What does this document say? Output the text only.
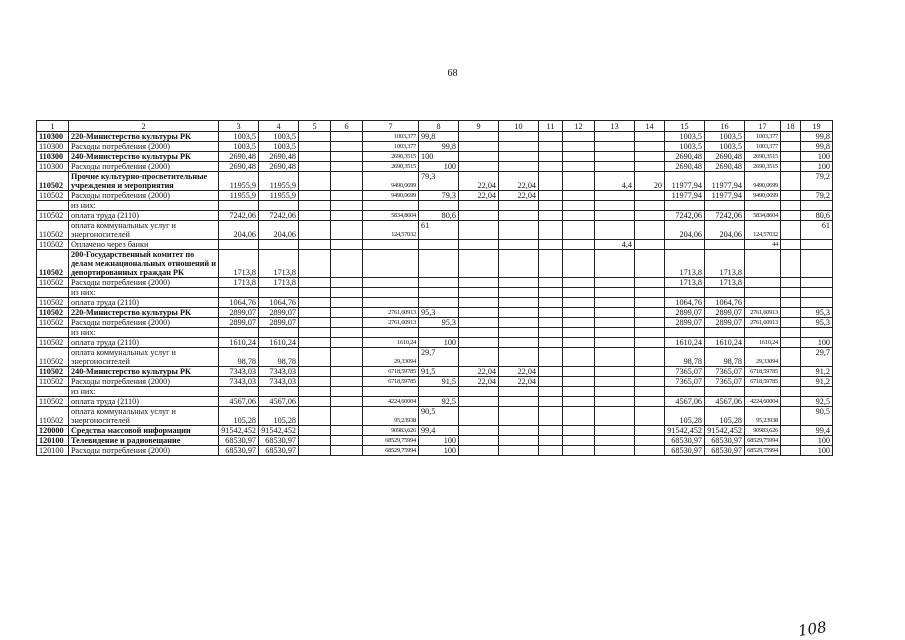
68
1	2	3	4	5	6	7	8	9	10	11	12	13	14	15	16	17	18	19
110300	220-Министерство культуры РК	1003,5	1003,5			1003,377	99,8							1003,5	1003,5	1003,377		99,8
110300	Расходы потребления (2000)	1003,5	1003,5			1003,377	99,8							1003,5	1003,5	1003,377		99,8
110300	240-Министерство культуры РК	2690,48	2690,48			2690,3515	100							2690,48	2690,48	2690,3515		100
110300	Расходы потребления (2000)	2690,48	2690,48			2690,3515	100							2690,48	2690,48	2690,3515		100
110502	Прочие культурно-просветительные учреждения и мероприятия	11955,9	11955,9			9490,0699	79,3	22,04	22,04			4,4	20	11977,94	11977,94	9490,0699		79,2
110502	Расходы потребления (2000)	11955,9	11955,9			9490,0699	79,3	22,04	22,04					11977,94	11977,94	9490,0699		79,2
	из них:																	
110502	оплата труда (2110)	7242,06	7242,06			5834,8604	80,6							7242,06	7242,06	5834,8604		80,6
110502	оплата коммунальных услуг и энергоносителей	204,06	204,06			124,57032	61							204,06	204,06	124,57032		61
110502	Оплачено через банки											4,4				44		
110502	200-Государственный комитет по делам межнациональных отношений и депортированных граждан РК	1713,8	1713,8											1713,8	1713,8			
110502	Расходы потребления (2000)	1713,8	1713,8											1713,8	1713,8			
	из них:																	
110502	оплата труда (2110)	1064,76	1064,76											1064,76	1064,76			
110502	220-Министерство культуры РК	2899,07	2899,07			2761,60913	95,3							2899,07	2899,07	2761,60913		95,3
110502	Расходы потребления (2000)	2899,07	2899,07			2761,60913	95,3							2899,07	2899,07	2761,60913		95,3
	из них:																	
110502	оплата труда (2110)	1610,24	1610,24			1610,24	100							1610,24	1610,24	1610,24		100
110502	оплата коммунальных услуг и энергоносителей	98,78	98,78			29,33094	29,7							98,78	98,78	29,33094		29,7
110502	240-Министерство культуры РК	7343,03	7343,03			6718,59785	91,5	22,04	22,04					7365,07	7365,07	6718,59785		91,2
110502	Расходы потребления (2000)	7343,03	7343,03			6718,59785	91,5	22,04	22,04					7365,07	7365,07	6718,59785		91,2
	из них:																	
110502	оплата труда (2110)	4567,06	4567,06			4224,60004	92,5							4567,06	4567,06	4224,60004		92,5
110502	оплата коммунальных услуг и энергоносителей	105,28	105,28			95,23938	90,5							105,28	105,28	95,23938		90,5
120000	Средства массовой информации	91542,452	91542,452			90983,626	99,4							91542,452	91542,452	90983,626		99,4
120100	Телевидение и радиовещание	68530,97	68530,97			68529,75994	100							68530,97	68530,97	68529,75994		100
120100	Расходы потребления (2000)	68530,97	68530,97			68529,75994	100							68530,97	68530,97	68529,75994		100
108
